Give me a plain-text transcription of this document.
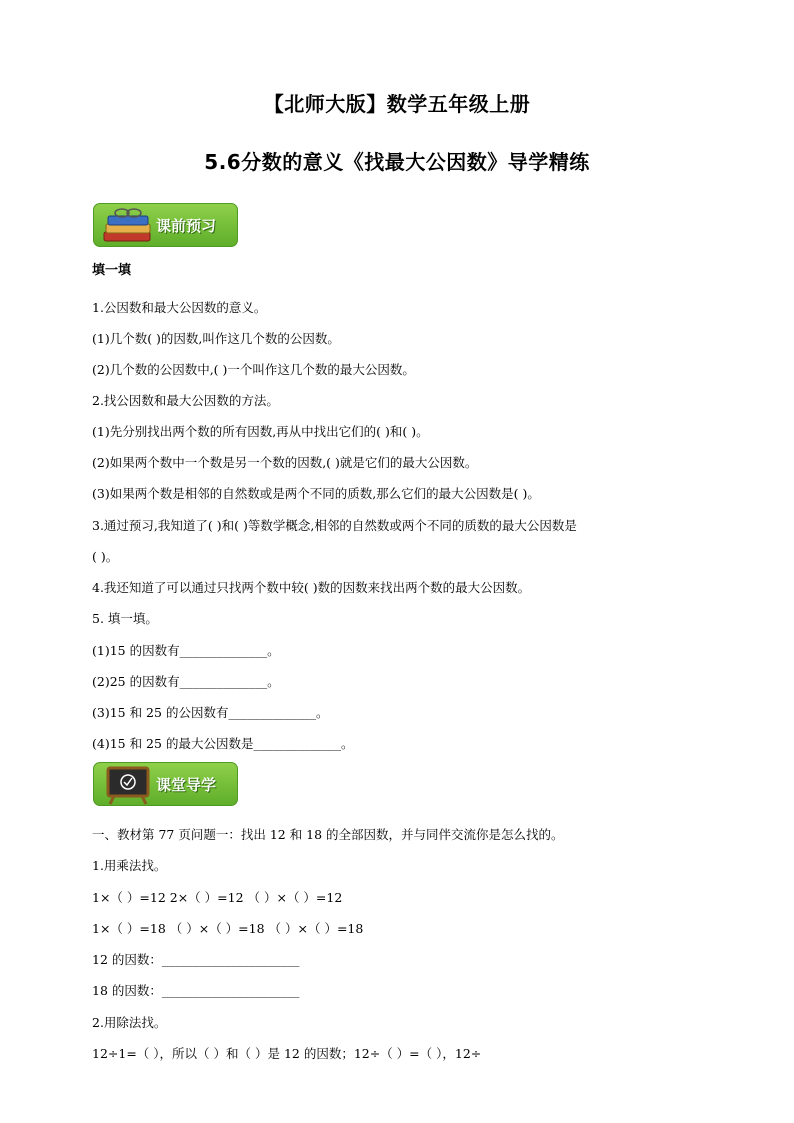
【北师大版】数学五年级上册
5.6分数的意义《找最大公因数》导学精练
课前预习
填一填
1.公因数和最大公因数的意义。
(1)几个数( )的因数,叫作这几个数的公因数。
(2)几个数的公因数中,( )一个叫作这几个数的最大公因数。
2.找公因数和最大公因数的方法。
(1)先分别找出两个数的所有因数,再从中找出它们的( )和( )。
(2)如果两个数中一个数是另一个数的因数,( )就是它们的最大公因数。
(3)如果两个数是相邻的自然数或是两个不同的质数,那么它们的最大公因数是( )。
3.通过预习,我知道了( )和( )等数学概念,相邻的自然数或两个不同的质数的最大公因数是
( )。
4.我还知道了可以通过只找两个数中较( )数的因数来找出两个数的最大公因数。
5. 填一填。
(1)15 的因数有______________。
(2)25 的因数有______________。
(3)15 和 25 的公因数有______________。
(4)15 和 25 的最大公因数是______________。
课堂导学
一、教材第 77 页问题一：找出 12 和 18 的全部因数，并与同伴交流你是怎么找的。
1.用乘法找。
1×（ ）=12 2×（ ）=12 （ ）×（ ）=12
1×（ ）=18 （ ）×（ ）=18 （ ）×（ ）=18
12 的因数：______________________
18 的因数：______________________
2.用除法找。
12÷1=（ ），所以（ ）和（ ）是 12 的因数；12÷（ ）=（ ），12÷
